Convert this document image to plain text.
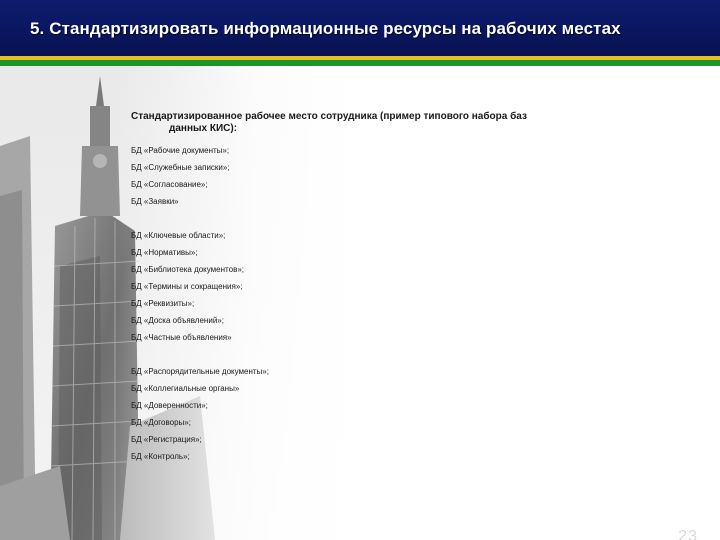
5. Стандартизировать информационные ресурсы на рабочих местах

Стандартизированное рабочее место сотрудника (пример типового набора баз
данных КИС):

БД «Рабочие документы»;
БД «Служебные записки»;
БД «Согласование»;
БД «Заявки»
БД «Ключевые области»;
БД «Нормативы»;
БД «Библиотека документов»;
БД «Термины и сокращения»;
БД «Реквизиты»;
БД «Доска объявлений»;
БД «Частные объявления»
БД «Распорядительные документы»;
БД «Коллегиальные органы»
БД «Доверенности»;
БД «Договоры»;
БД «Регистрация»;
БД «Контроль»;
23
